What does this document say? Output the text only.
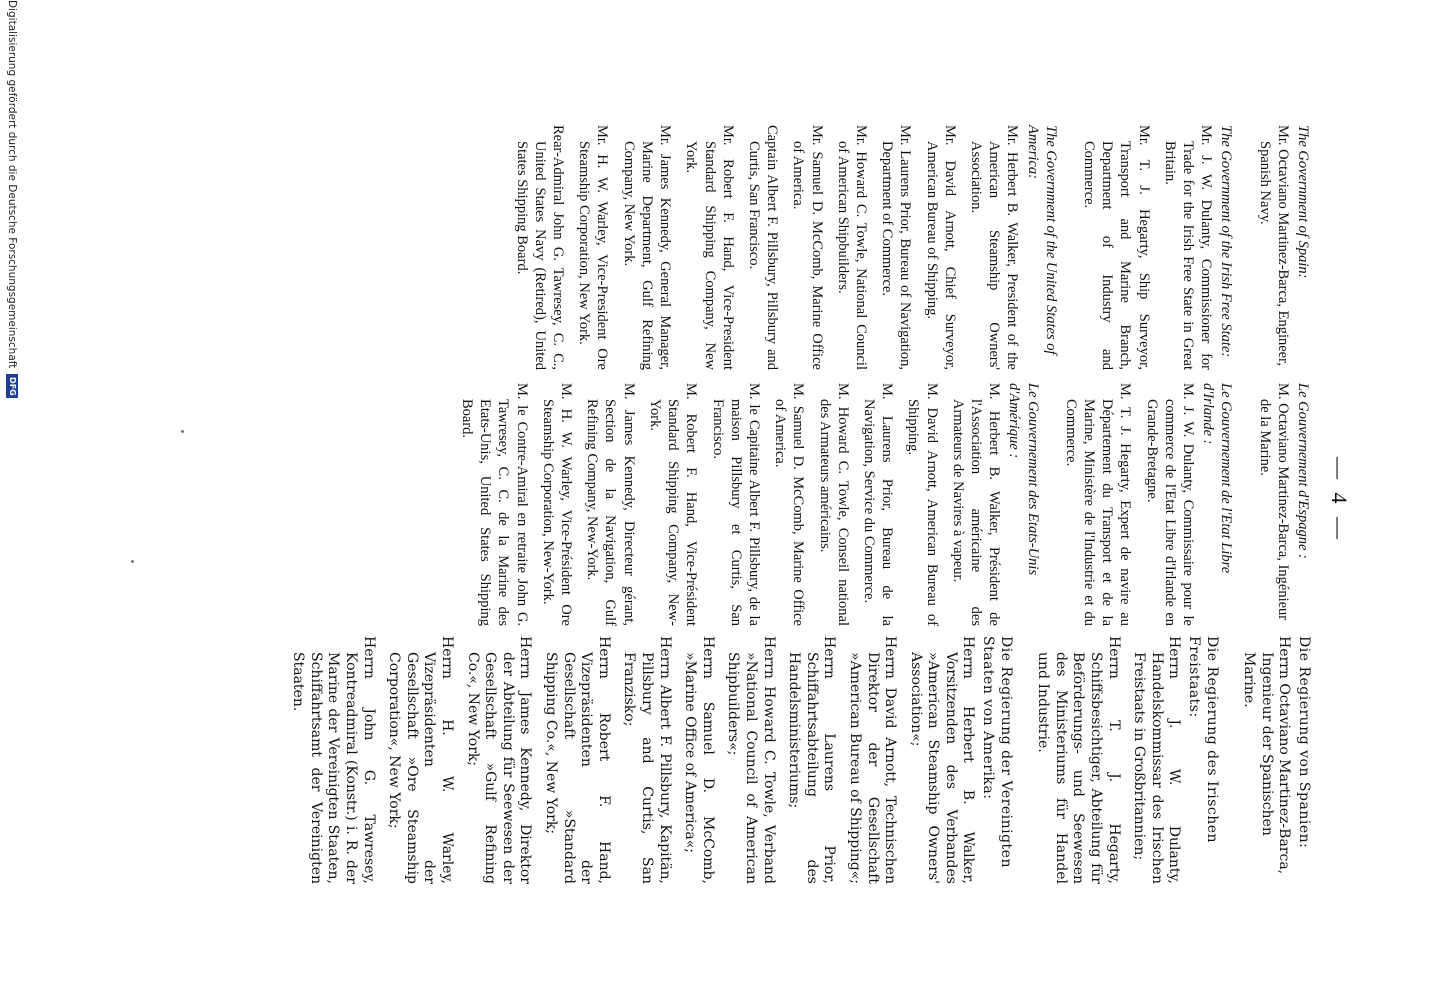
— 4 —
The Government of Spain:
Mr. Octaviano Martinez-Barca, Engineer, Spanish Navy.
The Government of the Irish Free State:
Mr. J. W. Dulanty, Commissioner for Trade for the Irish Free State in Great Britain.
Mr. T. J. Hegarty, Ship Surveyor, Transport and Marine Branch, Department of Industry and Commerce.
The Government of the United States of America:
Mr. Herbert B. Walker, President of the American Steamship Owners' Association.
Mr. David Arnott, Chief Surveyor, American Bureau of Shipping.
Mr. Laurens Prior, Bureau of Navigation, Department of Commerce.
Mr. Howard C. Towle, National Council of American Shipbuilders.
Mr. Samuel D. McComb, Marine Office of America.
Captain Albert F. Pillsbury, Pillsbury and Curtis, San Francisco.
Mr. Robert F. Hand, Vice-President Standard Shipping Company, New York.
Mr. James Kennedy, General Manager, Marine Department, Gulf Refining Company, New York.
Mr. H. W. Warley, Vice-President Ore Steamship Corporation, New York.
Rear-Admiral John G. Tawresey, C. C., United States Navy (Retired), United States Shipping Board.
Le Gouvernement d'Espagne :
M. Octaviano Martinez-Barca, Ingénieur de la Marine.
Le Gouvernement de l'Etat Libre d'Irlande :
M. J. W. Dulanty, Commissaire pour le commerce de l'Etat Libre d'Irlande en Grande-Bretagne.
M. T. J. Hegarty, Expert de navire au Département du Transport et de la Marine, Ministère de l'Industrie et du Commerce.
Le Gouvernement des Etats-Unis d'Amérique :
M. Herbert B. Walker, Président de l'Association américaine des Armateurs de Navires à vapeur.
M. David Arnott, American Bureau of Shipping.
M. Laurens Prior, Bureau de la Navigation, Service du Commerce.
M. Howard C. Towle, Conseil national des Armateurs américains.
M. Samuel D. McComb, Marine Office of America.
M. le Capitaine Albert F. Pillsbury, de la maison Pillsbury et Curtis, San Francisco.
M. Robert F. Hand, Vice-Président Standard Shipping Company, New-York.
M. James Kennedy, Directeur gérant, Section de la Navigation, Gulf Refining Company, New-York.
M. H. W. Warley, Vice-Président Ore Steamship Corporation, New-York.
M. le Contre-Amiral en retraite John G. Tawresey, C. C. de la Marine des Etats-Unis, United States Shipping Board.
Die Regierung von Spanien:
Herrn Octaviano Martinez-Barca, Ingenieur der Spanischen Marine.
Die Regierung des Irischen Freistaats:
Herrn J. W. Dulanty, Handelskommissar des Irischen Freistaats in Großbritannien;
Herrn T. J. Hegarty, Schiffsbesichtiger, Abteilung für Beförderungs- und Seewesen des Ministeriums für Handel und Industrie.
Die Regierung der Vereinigten Staaten von Amerika:
Herrn Herbert B. Walker, Vorsitzenden des Verbandes »American Steamship Owners' Association«;
Herrn David Arnott, Technischen Direktor der Gesellschaft »American Bureau of Shipping«;
Herrn Laurens Prior, Schiffahrtsabteilung des Handelsministeriums;
Herrn Howard C. Towle, Verband »National Council of American Shipbuilders«;
Herrn Samuel D. McComb, »Marine Office of America«;
Herrn Albert F. Pillsbury, Kapitän, Pillsbury and Curtis, San Franzisko;
Herrn Robert F. Hand, Vizepräsidenten der Gesellschaft »Standard Shipping Co.«, New York;
Herrn James Kennedy, Direktor der Abteilung für Seewesen der Gesellschaft »Gulf Refining Co.«, New York;
Herrn H. W. Warley, Vizepräsidenten der Gesellschaft »Ore Steamship Corporation«, New York;
Herrn John G. Tawresey, Kontreadmiral (Konstr.) i. R. der Marine der Vereinigten Staaten, Schiffahrtsamt der Vereinigten Staaten.
Digitalisierung gefördert durch die Deutsche Forschungsgemeinschaft
DFG
